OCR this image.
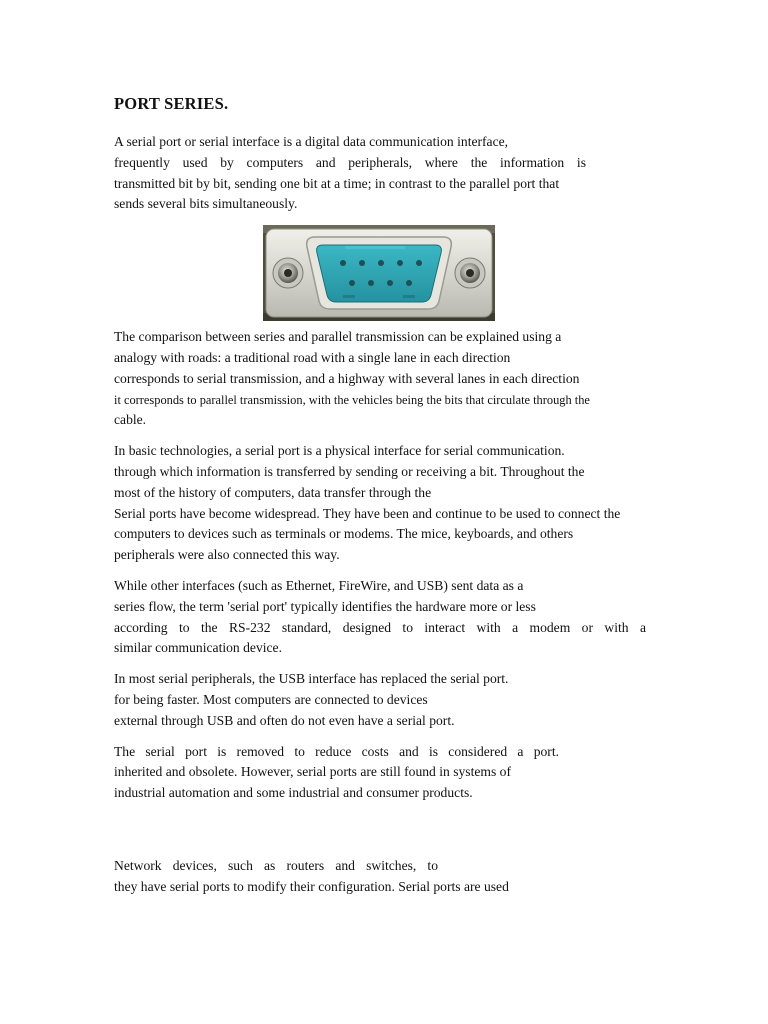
PORT SERIES.
A serial port or serial interface is a digital data communication interface,
frequently used by computers and peripherals, where the information is
transmitted bit by bit, sending one bit at a time; in contrast to the parallel port that
sends several bits simultaneously.
The comparison between series and parallel transmission can be explained using a
analogy with roads: a traditional road with a single lane in each direction
corresponds to serial transmission, and a highway with several lanes in each direction
it corresponds to parallel transmission, with the vehicles being the bits that circulate through the
cable.
In basic technologies, a serial port is a physical interface for serial communication.
through which information is transferred by sending or receiving a bit. Throughout the
most of the history of computers, data transfer through the
Serial ports have become widespread. They have been and continue to be used to connect the
computers to devices such as terminals or modems. The mice, keyboards, and others
peripherals were also connected this way.
While other interfaces (such as Ethernet, FireWire, and USB) sent data as a
series flow, the term 'serial port' typically identifies the hardware more or less
according to the RS-232 standard, designed to interact with a modem or with a
similar communication device.
In most serial peripherals, the USB interface has replaced the serial port.
for being faster. Most computers are connected to devices
external through USB and often do not even have a serial port.
The serial port is removed to reduce costs and is considered a port.
inherited and obsolete. However, serial ports are still found in systems of
industrial automation and some industrial and consumer products.
Network devices, such as routers and switches, to
they have serial ports to modify their configuration. Serial ports are used
